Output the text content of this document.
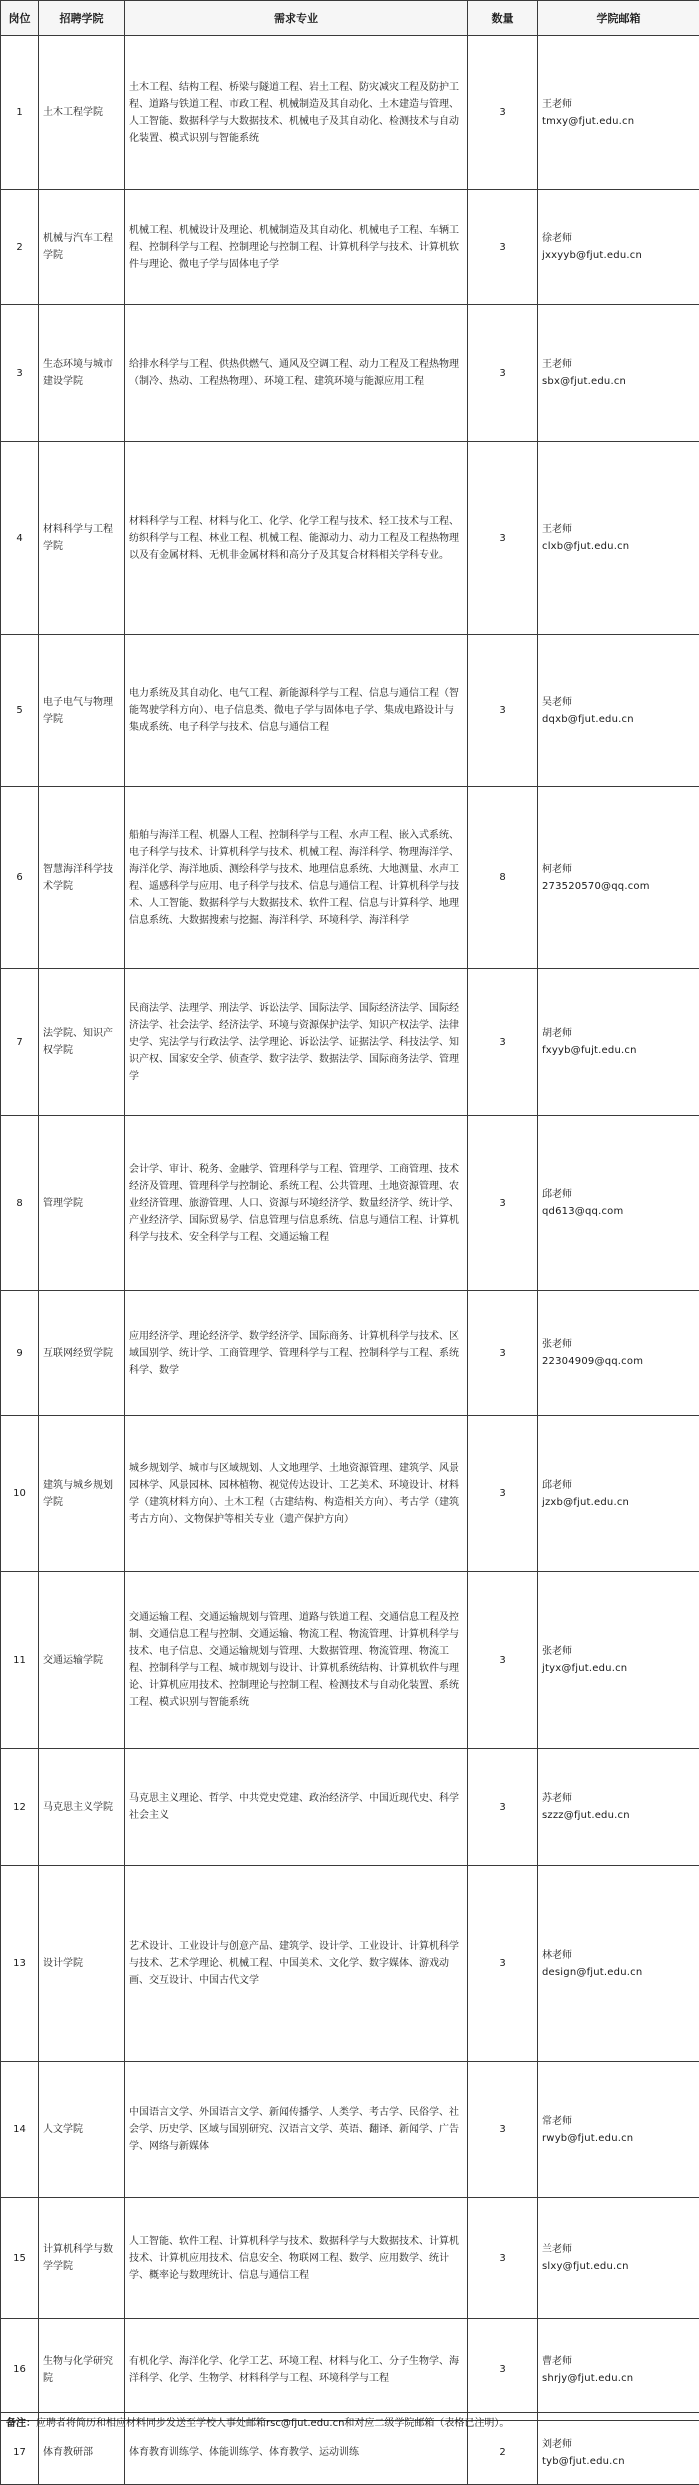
岗位	招聘学院	需求专业	数量	学院邮箱
1	土木工程学院	土木工程、结构工程、桥梁与隧道工程、岩土工程、防灾减灾工程及防护工程、道路与铁道工程、市政工程、机械制造及其自动化、土木建造与管理、人工智能、数据科学与大数据技术、机械电子及其自动化、检测技术与自动化装置、模式识别与智能系统	3	王老师
tmxy@fjut.edu.cn

2	机械与汽车工程学院	机械工程、机械设计及理论、机械制造及其自动化、机械电子工程、车辆工程、控制科学与工程、控制理论与控制工程、计算机科学与技术、计算机软件与理论、微电子学与固体电子学	3	徐老师
jxxyyb@fjut.edu.cn

3	生态环境与城市建设学院	给排水科学与工程、供热供燃气、通风及空调工程、动力工程及工程热物理（制冷、热动、工程热物理）、环境工程、建筑环境与能源应用工程	3	王老师
sbx@fjut.edu.cn

4	材料科学与工程学院	材料科学与工程、材料与化工、化学、化学工程与技术、轻工技术与工程、纺织科学与工程、林业工程、机械工程、能源动力、动力工程及工程热物理以及有金属材料、无机非金属材料和高分子及其复合材料相关学科专业。	3	王老师
clxb@fjut.edu.cn

5	电子电气与物理学院	电力系统及其自动化、电气工程、新能源科学与工程、信息与通信工程（智能驾驶学科方向）、电子信息类、微电子学与固体电子学、集成电路设计与集成系统、电子科学与技术、信息与通信工程	3	吴老师
dqxb@fjut.edu.cn

6	智慧海洋科学技术学院	船舶与海洋工程、机器人工程、控制科学与工程、水声工程、嵌入式系统、电子科学与技术、计算机科学与技术、机械工程、海洋科学、物理海洋学、海洋化学、海洋地质、测绘科学与技术、地理信息系统、大地测量、水声工程、遥感科学与应用、电子科学与技术、信息与通信工程、计算机科学与技术、人工智能、数据科学与大数据技术、软件工程、信息与计算科学、地理信息系统、大数据搜索与挖掘、海洋科学、环境科学、海洋科学	8	柯老师
273520570@qq.com

7	法学院、知识产权学院	民商法学、法理学、刑法学、诉讼法学、国际法学、国际经济法学、国际经济法学、社会法学、经济法学、环境与资源保护法学、知识产权法学、法律史学、宪法学与行政法学、法学理论、诉讼法学、证据法学、科技法学、知识产权、国家安全学、侦查学、数字法学、数据法学、国际商务法学、管理学	3	胡老师
fxyyb@fujt.edu.cn

8	管理学院	会计学、审计、税务、金融学、管理科学与工程、管理学、工商管理、技术经济及管理、管理科学与控制论、系统工程、公共管理、土地资源管理、农业经济管理、旅游管理、人口、资源与环境经济学、数量经济学、统计学、产业经济学、国际贸易学、信息管理与信息系统、信息与通信工程、计算机科学与技术、安全科学与工程、交通运输工程	3	邱老师
qd613@qq.com

9	互联网经贸学院	应用经济学、理论经济学、数学经济学、国际商务、计算机科学与技术、区域国别学、统计学、工商管理学、管理科学与工程、控制科学与工程、系统科学、数学	3	张老师
22304909@qq.com

10	建筑与城乡规划学院	城乡规划学、城市与区域规划、人文地理学、土地资源管理、建筑学、风景园林学、风景园林、园林植物、视觉传达设计、工艺美术、环境设计、材料学（建筑材料方向）、土木工程（古建结构、构造相关方向）、考古学（建筑考古方向）、文物保护等相关专业（遗产保护方向）	3	邱老师
jzxb@fjut.edu.cn

11	交通运输学院	交通运输工程、交通运输规划与管理、道路与铁道工程、交通信息工程及控制、交通信息工程与控制、交通运输、物流工程、物流管理、计算机科学与技术、电子信息、交通运输规划与管理、大数据管理、物流管理、物流工程、控制科学与工程、城市规划与设计、计算机系统结构、计算机软件与理论、计算机应用技术、控制理论与控制工程、检测技术与自动化装置、系统工程、模式识别与智能系统	3	张老师
jtyx@fjut.edu.cn

12	马克思主义学院	马克思主义理论、哲学、中共党史党建、政治经济学、中国近现代史、科学社会主义	3	苏老师
szzz@fjut.edu.cn

13	设计学院	艺术设计、工业设计与创意产品、建筑学、设计学、工业设计、计算机科学与技术、艺术学理论、机械工程、中国美术、文化学、数字媒体、游戏动画、交互设计、中国古代文学	3	林老师
design@fjut.edu.cn

14	人文学院	中国语言文学、外国语言文学、新闻传播学、人类学、考古学、民俗学、社会学、历史学、区域与国别研究、汉语言文学、英语、翻译、新闻学、广告学、网络与新媒体	3	常老师
rwyb@fjut.edu.cn

15	计算机科学与数学学院	人工智能、软件工程、计算机科学与技术、数据科学与大数据技术、计算机技术、计算机应用技术、信息安全、物联网工程、数学、应用数学、统计学、概率论与数理统计、信息与通信工程	3	兰老师
slxy@fjut.edu.cn

16	生物与化学研究院	有机化学、海洋化学、化学工艺、环境工程、材料与化工、分子生物学、海洋科学、化学、生物学、材料科学与工程、环境科学与工程	3	曹老师
shrjy@fjut.edu.cn

17	体育教研部	体育教育训练学、体能训练学、体育教学、运动训练	2	刘老师
tyb@fjut.edu.cn
备注：应聘者将简历和相应材料同步发送至学校人事处邮箱rsc@fjut.edu.cn和对应二级学院邮箱（表格已注明）。
